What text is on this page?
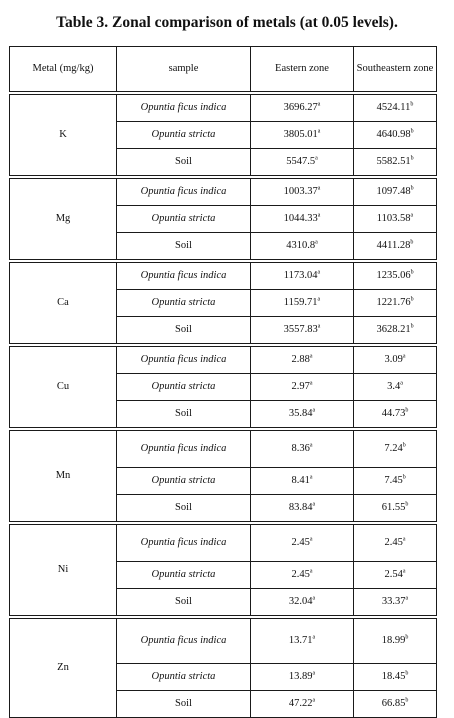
Table 3. Zonal comparison of metals (at 0.05 levels).
Metal (mg/kg)	sample	Eastern zone	Southeastern zone

K	Opuntia ficus indica	3696.27$^a$	4524.11$^b$
	Opuntia stricta	3805.01$^a$	4640.98$^b$
	Soil	5547.5$^a$	5582.51$^b$

Mg	Opuntia ficus indica	1003.37$^a$	1097.48$^b$
	Opuntia stricta	1044.33$^a$	1103.58$^a$
	Soil	4310.8$^a$	4411.28$^b$

Ca	Opuntia ficus indica	1173.04$^a$	1235.06$^b$
	Opuntia stricta	1159.71$^a$	1221.76$^b$
	Soil	3557.83$^a$	3628.21$^b$

Cu	Opuntia ficus indica	2.88$^a$	3.09$^a$
	Opuntia stricta	2.97$^a$	3.4$^a$
	Soil	35.84$^a$	44.73$^b$

Mn	Opuntia ficus indica	8.36$^a$	7.24$^b$
	Opuntia stricta	8.41$^a$	7.45$^b$
	Soil	83.84$^a$	61.55$^b$

Ni	Opuntia ficus indica	2.45$^a$	2.45$^a$
	Opuntia stricta	2.45$^a$	2.54$^a$
	Soil	32.04$^a$	33.37$^a$

Zn	Opuntia ficus indica	13.71$^a$	18.99$^b$
	Opuntia stricta	13.89$^a$	18.45$^b$
	Soil	47.22$^a$	66.85$^b$
